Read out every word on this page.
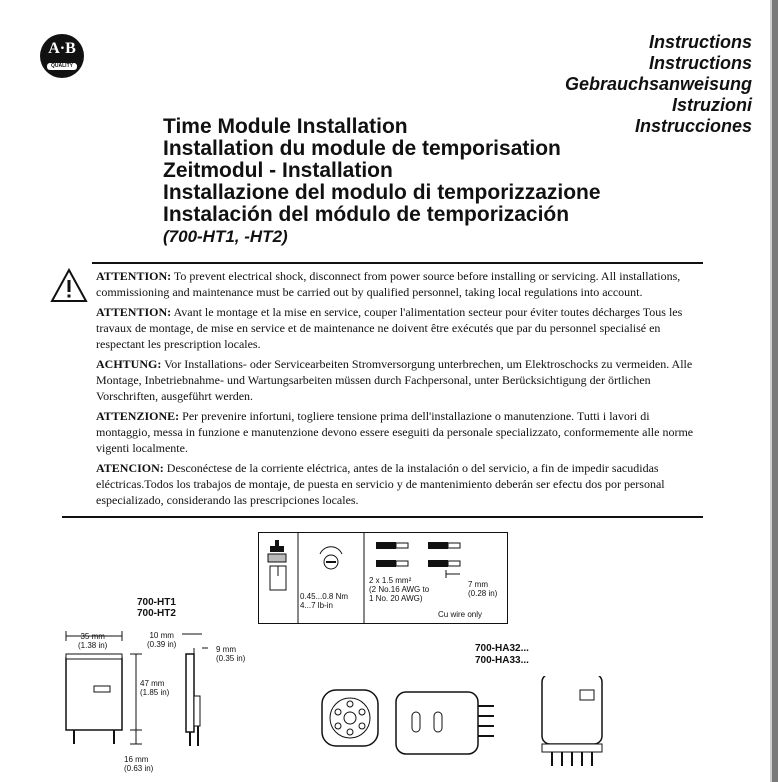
A·B
QUALITY
Instructions
Instructions
Gebrauchsanweisung
Istruzioni
Instrucciones
Time Module Installation
Installation du module de temporisation
Zeitmodul - Installation
Installazione del modulo di temporizzazione
Instalación del módulo de temporización
(700-HT1, -HT2)

ATTENTION: To prevent electrical shock, disconnect from power source before installing or servicing. All installations, commissioning and maintenance must be carried out by qualified personnel, taking local regulations into account.

ATTENTION: Avant le montage et la mise en service, couper l'alimentation secteur pour éviter toutes décharges Tous les travaux de montage, de mise en service et de maintenance ne doivent être exécutés que par du personnel specialisé en respectant les prescription locales.

ACHTUNG: Vor Installations- oder Servicearbeiten Stromversorgung unterbrechen, um Elektroschocks zu vermeiden. Alle Montage, Inbetriebnahme- und Wartungsarbeiten müssen durch Fachpersonal, unter Berücksichtigung der örtlichen Vorschriften, ausgeführt werden.

ATTENZIONE: Per prevenire infortuni, togliere tensione prima dell'installazione o manutenzione. Tutti i lavori di montaggio, messa in funzione e manutenzione devono essere eseguiti da personale specializzato, conformemente alle norme vigenti localmente.

ATENCION: Desconéctese de la corriente eléctrica, antes de la instalación o del servicio, a fin de impedir sacudidas eléctricas.Todos los trabajos de montaje, de puesta en servicio y de mantenimiento deberán ser efectu dos por personal especializado, considerando las prescripciones locales.

0.45...0.8 Nm
4...7 lb-in
2 x 1.5 mm²
(2 No.16 AWG to
1 No. 20 AWG)
7 mm
(0.28 in)
Cu wire only
700-HT1
700-HT2
35 mm
(1.38 in)
10 mm
(0.39 in)
9 mm
(0.35 in)
47 mm
(1.85 in)
16 mm
(0.63 in)
700-HA32...
700-HA33...
